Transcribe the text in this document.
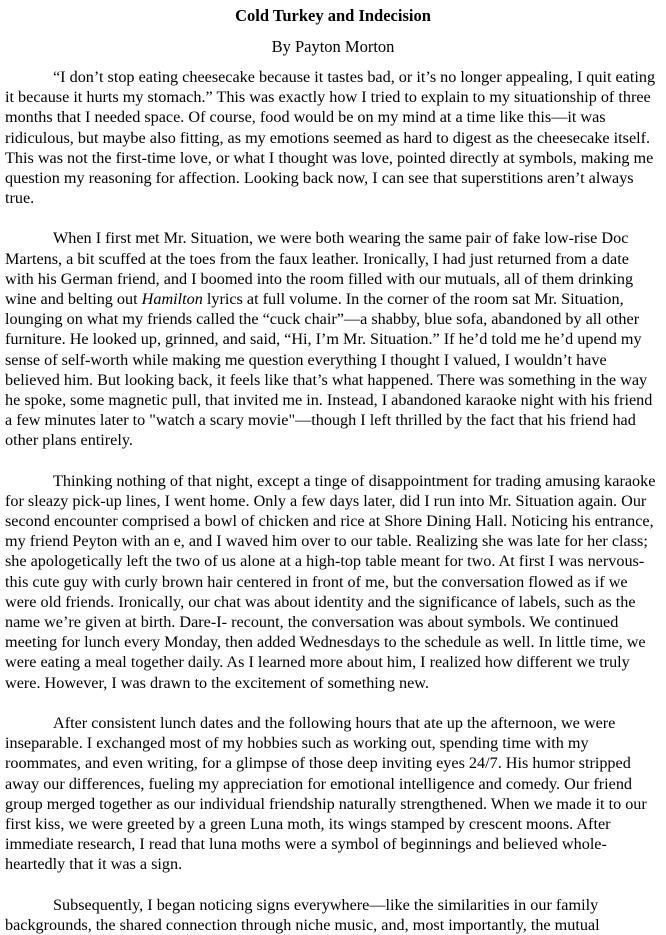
Cold Turkey and Indecision
By Payton Morton

“I don’t stop eating cheesecake because it tastes bad, or it’s no longer appealing, I quit eating it because it hurts my stomach.” This was exactly how I tried to explain to my situationship of three months that I needed space. Of course, food would be on my mind at a time like this—it was ridiculous, but maybe also fitting, as my emotions seemed as hard to digest as the cheesecake itself. This was not the first-time love, or what I thought was love, pointed directly at symbols, making me question my reasoning for affection. Looking back now, I can see that superstitions aren’t always true.

When I first met Mr. Situation, we were both wearing the same pair of fake low-rise Doc Martens, a bit scuffed at the toes from the faux leather. Ironically, I had just returned from a date with his German friend, and I boomed into the room filled with our mutuals, all of them drinking wine and belting out Hamilton lyrics at full volume. In the corner of the room sat Mr. Situation, lounging on what my friends called the “cuck chair”—a shabby, blue sofa, abandoned by all other furniture. He looked up, grinned, and said, “Hi, I’m Mr. Situation.” If he’d told me he’d upend my sense of self-worth while making me question everything I thought I valued, I wouldn’t have believed him. But looking back, it feels like that’s what happened. There was something in the way he spoke, some magnetic pull, that invited me in. Instead, I abandoned karaoke night with his friend a few minutes later to "watch a scary movie"—though I left thrilled by the fact that his friend had other plans entirely.

Thinking nothing of that night, except a tinge of disappointment for trading amusing karaoke for sleazy pick-up lines, I went home. Only a few days later, did I run into Mr. Situation again. Our second encounter comprised a bowl of chicken and rice at Shore Dining Hall. Noticing his entrance, my friend Peyton with an e, and I waved him over to our table. Realizing she was late for her class; she apologetically left the two of us alone at a high-top table meant for two. At first I was nervous- this cute guy with curly brown hair centered in front of me, but the conversation flowed as if we were old friends. Ironically, our chat was about identity and the significance of labels, such as the name we’re given at birth. Dare-I- recount, the conversation was about symbols. We continued meeting for lunch every Monday, then added Wednesdays to the schedule as well. In little time, we were eating a meal together daily. As I learned more about him, I realized how different we truly were. However, I was drawn to the excitement of something new.

After consistent lunch dates and the following hours that ate up the afternoon, we were inseparable. I exchanged most of my hobbies such as working out, spending time with my roommates, and even writing, for a glimpse of those deep inviting eyes 24/7. His humor stripped away our differences, fueling my appreciation for emotional intelligence and comedy. Our friend group merged together as our individual friendship naturally strengthened. When we made it to our first kiss, we were greeted by a green Luna moth, its wings stamped by crescent moons. After immediate research, I read that luna moths were a symbol of beginnings and believed whole-heartedly that it was a sign.

Subsequently, I began noticing signs everywhere—like the similarities in our family backgrounds, the shared connection through niche music, and, most importantly, the mutual
